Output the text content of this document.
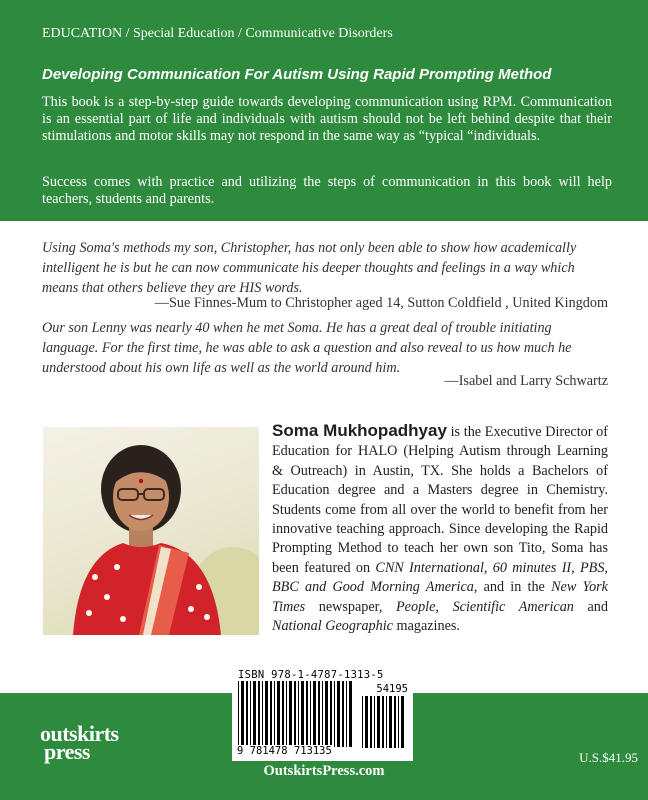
EDUCATION / Special Education / Communicative Disorders
Developing Communication For Autism Using Rapid Prompting Method

This book is a step-by-step guide towards developing communication using RPM. Communication is an essential part of life and individuals with autism should not be left behind despite that their stimulations and motor skills may not respond in the same way as “typical “individuals.

Success comes with practice and utilizing the steps of communication in this book will help teachers, students and parents.

Using Soma's methods my son, Christopher, has not only been able to show how academically intelligent he is but he can now communicate his deeper thoughts and feelings in a way which means that others believe they are HIS words.

—Sue Finnes-Mum to Christopher aged 14, Sutton Coldfield , United Kingdom

Our son Lenny was nearly 40 when he met Soma. He has a great deal of trouble initiating language. For the first time, he was able to ask a question and also reveal to us how much he understood about his own life as well as the world around him.

—Isabel and Larry Schwartz

Soma Mukhopadhyay is the Executive Director of Education for HALO (Helping Autism through Learning & Outreach) in Austin, TX. She holds a Bachelors of Education degree and a Masters degree in Chemistry. Students come from all over the world to benefit from her innovative teaching approach. Since developing the Rapid Prompting Method to teach her own son Tito, Soma has been featured on CNN International, 60 minutes II, PBS, BBC and Good Morning America, and in the New York Times newspaper, People, Scientific American and National Geographic magazines.

outskirts
press
ISBN 978-1-4787-1313-5
54195
9 781478 713135
OutskirtsPress.com
U.S.$41.95
